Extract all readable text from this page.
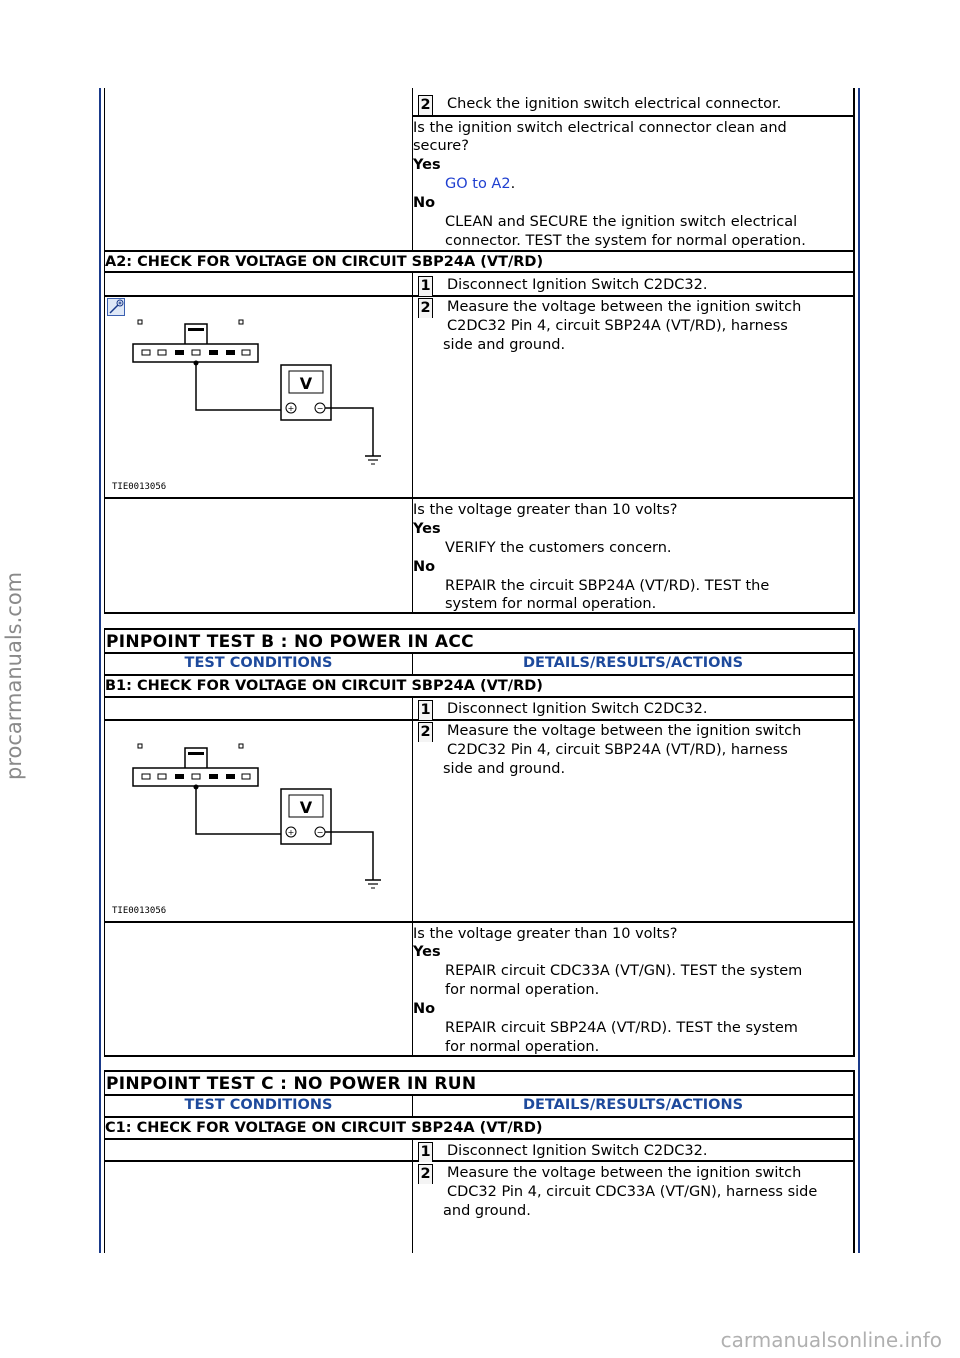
2 Check the ignition switch electrical connector.
Is the ignition switch electrical connector clean and
secure?
Yes
GO to A2.
No
CLEAN and SECURE the ignition switch electrical
connector. TEST the system for normal operation.
A2: CHECK FOR VOLTAGE ON CIRCUIT SBP24A (VT/RD)
1 Disconnect Ignition Switch C2DC32.
2 Measure the voltage between the ignition switch
C2DC32 Pin 4, circuit SBP24A (VT/RD), harness
side and ground.
V
+	−
TIE0013056
Is the voltage greater than 10 volts?
Yes
VERIFY the customers concern.
No
REPAIR the circuit SBP24A (VT/RD). TEST the
system for normal operation.
PINPOINT TEST B : NO POWER IN ACC
TEST CONDITIONS	DETAILS/RESULTS/ACTIONS
B1: CHECK FOR VOLTAGE ON CIRCUIT SBP24A (VT/RD)
1 Disconnect Ignition Switch C2DC32.
2 Measure the voltage between the ignition switch
C2DC32 Pin 4, circuit SBP24A (VT/RD), harness
side and ground.
V
+	−
TIE0013056
Is the voltage greater than 10 volts?
Yes
REPAIR circuit CDC33A (VT/GN). TEST the system
for normal operation.
No
REPAIR circuit SBP24A (VT/RD). TEST the system
for normal operation.
PINPOINT TEST C : NO POWER IN RUN
TEST CONDITIONS	DETAILS/RESULTS/ACTIONS
C1: CHECK FOR VOLTAGE ON CIRCUIT SBP24A (VT/RD)
1 Disconnect Ignition Switch C2DC32.
2 Measure the voltage between the ignition switch
CDC32 Pin 4, circuit CDC33A (VT/GN), harness side
and ground.
procarmanuals.com
carmanualsonline.info
